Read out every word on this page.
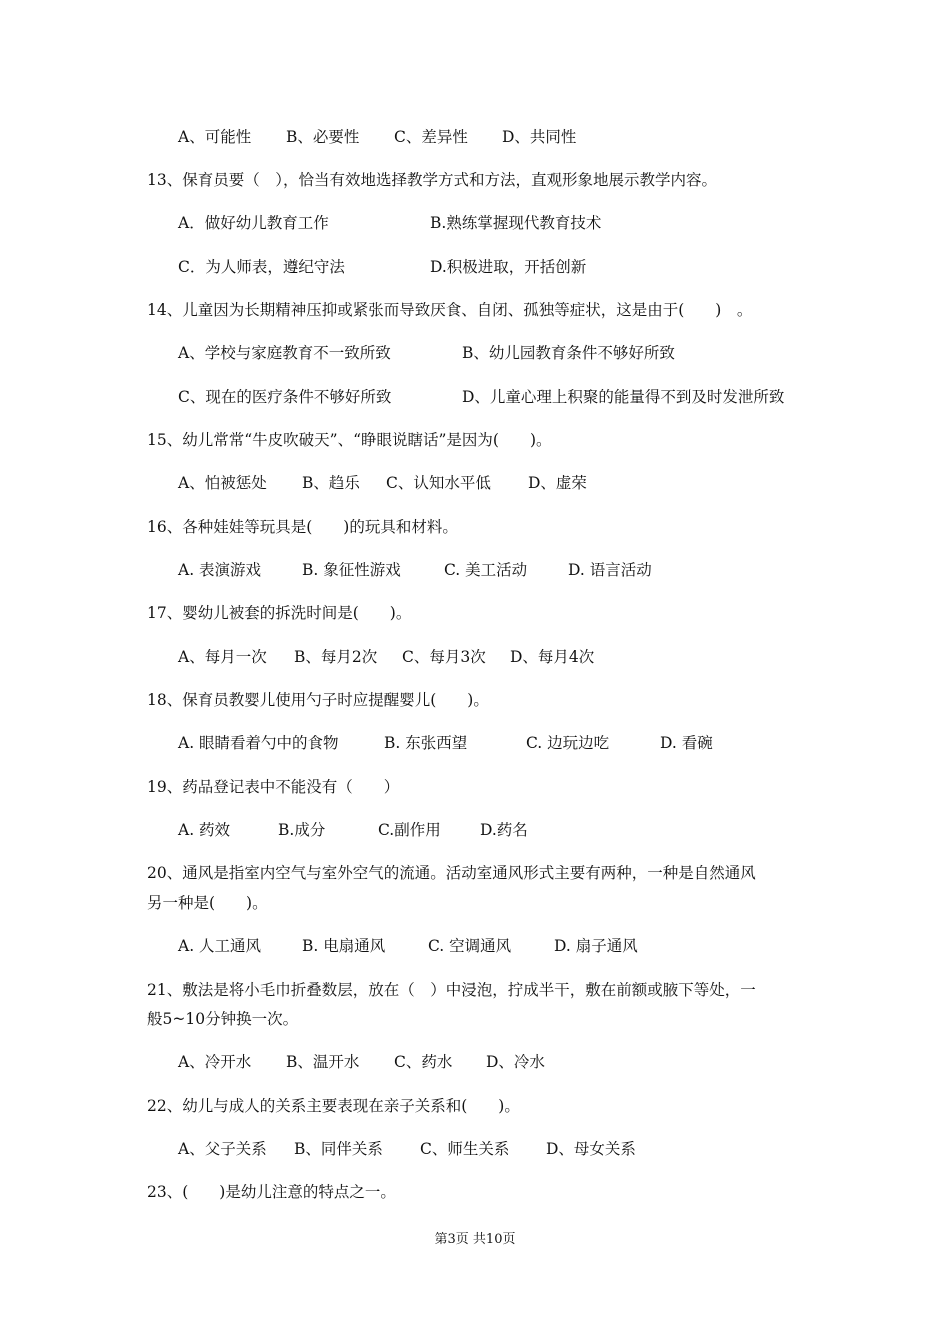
A、可能性	B、必要性	C、差异性	D、共同性
13、保育员要（　），恰当有效地选择教学方式和方法，直观形象地展示教学内容。
A．做好幼儿教育工作	B.熟练掌握现代教育技术
C．为人师表，遵纪守法	D.积极进取，开括创新
14、儿童因为长期精神压抑或紧张而导致厌食、自闭、孤独等症状，这是由于(　　)　。
A、学校与家庭教育不一致所致	B、幼儿园教育条件不够好所致
C、现在的医疗条件不够好所致	D、儿童心理上积聚的能量得不到及时发泄所致
15、幼儿常常“牛皮吹破天”、“睁眼说瞎话”是因为(　　)。
A、怕被惩处	B、趋乐	C、认知水平低	D、虚荣
16、各种娃娃等玩具是(　　)的玩具和材料。
A. 表演游戏	B. 象征性游戏	C. 美工活动	D. 语言活动
17、婴幼儿被套的拆洗时间是(　　)。
A、每月一次	B、每月2次	C、每月3次	D、每月4次
18、保育员教婴儿使用勺子时应提醒婴儿(　　)。
A. 眼睛看着勺中的食物	B. 东张西望	C. 边玩边吃	D. 看碗
19、药品登记表中不能没有（　　）
A. 药效	B.成分	C.副作用	D.药名
20、通风是指室内空气与室外空气的流通。活动室通风形式主要有两种，一种是自然通风
另一种是(　　)。
A. 人工通风	B. 电扇通风	C. 空调通风	D. 扇子通风
21、敷法是将小毛巾折叠数层，放在（　）中浸泡，拧成半干，敷在前额或腋下等处，一
般5~10分钟换一次。
A、冷开水	B、温开水	C、药水	D、冷水
22、幼儿与成人的关系主要表现在亲子关系和(　　)。
A、父子关系	B、同伴关系	C、师生关系	D、母女关系
23、(　　)是幼儿注意的特点之一。
第3页 共10页
